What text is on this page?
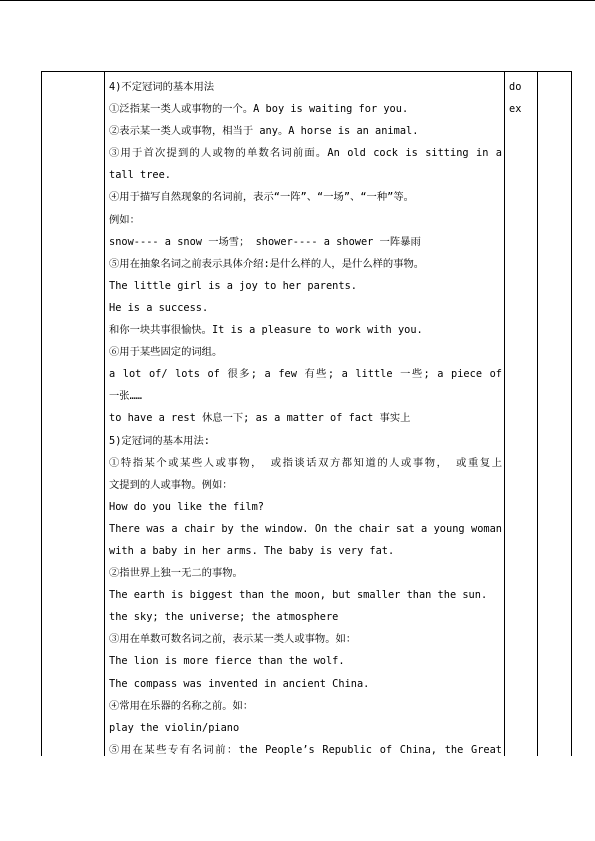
4)不定冠词的基本用法
①泛指某一类人或事物的一个。A boy is waiting for you.
②表示某一类人或事物，相当于 any。A horse is an animal.
③用于首次提到的人或物的单数名词前面。An old cock is sitting in a
tall tree.
④用于描写自然现象的名词前，表示“一阵”、“一场”、“一种”等。
例如：
snow---- a snow 一场雪； shower---- a shower 一阵暴雨
⑤用在抽象名词之前表示具体介绍:是什么样的人，是什么样的事物。
The little girl is a joy to her parents.
He is a success.
和你一块共事很愉快。It is a pleasure to work with you.
⑥用于某些固定的词组。
a lot of/ lots of 很多; a few 有些; a little 一些; a piece of
一张……
to have a rest 休息一下; as a matter of fact 事实上
5)定冠词的基本用法:
①特指某个或某些人或事物， 或指谈话双方都知道的人或事物， 或重复上
文提到的人或事物。例如：
How do you like the film?
There was a chair by the window. On the chair sat a young woman
with a baby in her arms. The baby is very fat.
②指世界上独一无二的事物。
The earth is biggest than the moon, but smaller than the sun.
the sky; the universe; the atmosphere
③用在单数可数名词之前，表示某一类人或事物。如：
The lion is more fierce than the wolf.
The compass was invented in ancient China.
④常用在乐器的名称之前。如：
play the violin/piano
⑤用在某些专有名词前：the People’s Republic of China, the Great
do
ex
